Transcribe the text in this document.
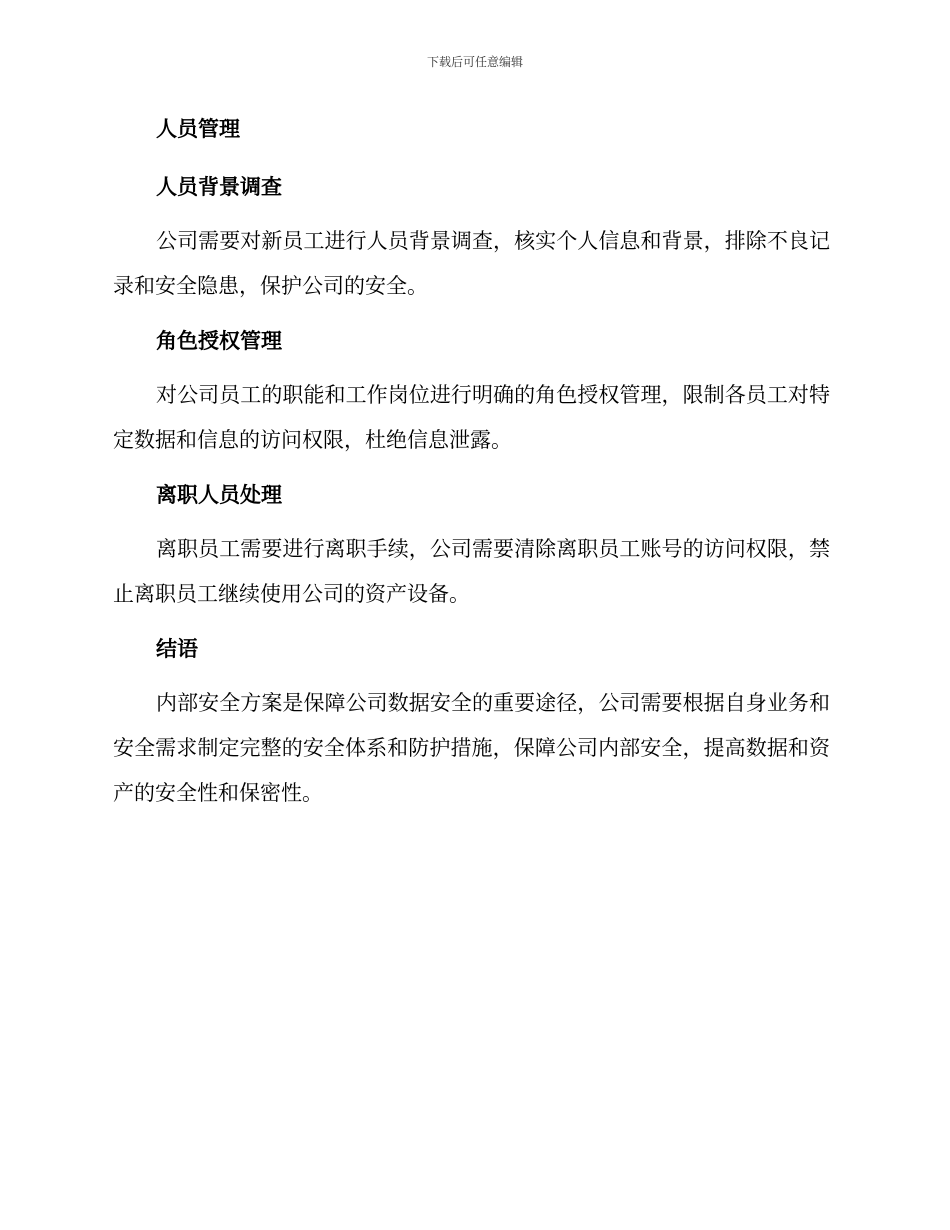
下载后可任意编辑
人员管理
人员背景调查

公司需要对新员工进行人员背景调查，核实个人信息和背景，排除不良记录和安全隐患，保护公司的安全。

角色授权管理

对公司员工的职能和工作岗位进行明确的角色授权管理，限制各员工对特定数据和信息的访问权限，杜绝信息泄露。

离职人员处理

离职员工需要进行离职手续，公司需要清除离职员工账号的访问权限，禁止离职员工继续使用公司的资产设备。

结语

内部安全方案是保障公司数据安全的重要途径，公司需要根据自身业务和安全需求制定完整的安全体系和防护措施，保障公司内部安全，提高数据和资产的安全性和保密性。
